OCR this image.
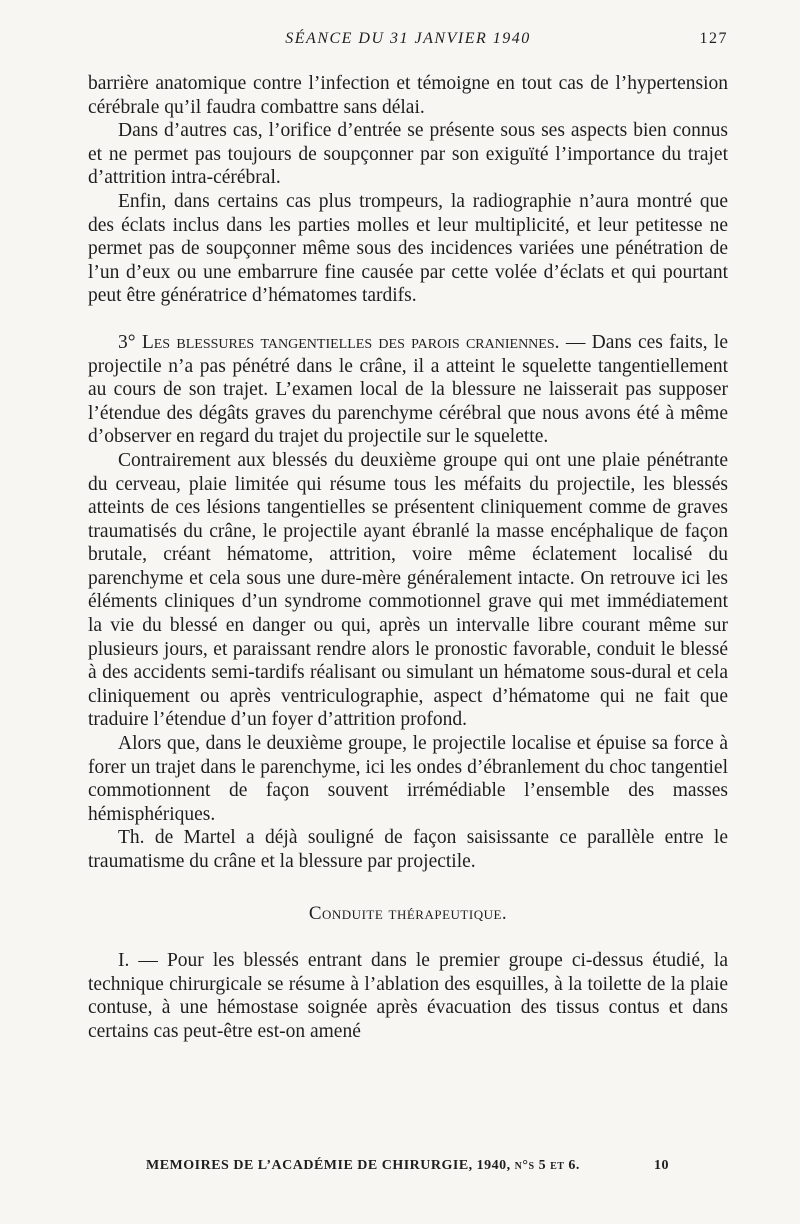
SÉANCE DU 31 JANVIER 1940	127

barrière anatomique contre l’infection et témoigne en tout cas de l’hypertension cérébrale qu’il faudra combattre sans délai.

Dans d’autres cas, l’orifice d’entrée se présente sous ses aspects bien connus et ne permet pas toujours de soupçonner par son exiguïté l’importance du trajet d’attrition intra-cérébral.

Enfin, dans certains cas plus trompeurs, la radiographie n’aura montré que des éclats inclus dans les parties molles et leur multiplicité, et leur petitesse ne permet pas de soupçonner même sous des incidences variées une pénétration de l’un d’eux ou une embarrure fine causée par cette volée d’éclats et qui pourtant peut être génératrice d’hématomes tardifs.

3° Les blessures tangentielles des parois craniennes. — Dans ces faits, le projectile n’a pas pénétré dans le crâne, il a atteint le squelette tangentiellement au cours de son trajet. L’examen local de la blessure ne laisserait pas supposer l’étendue des dégâts graves du parenchyme cérébral que nous avons été à même d’observer en regard du trajet du projectile sur le squelette.

Contrairement aux blessés du deuxième groupe qui ont une plaie pénétrante du cerveau, plaie limitée qui résume tous les méfaits du projectile, les blessés atteints de ces lésions tangentielles se présentent cliniquement comme de graves traumatisés du crâne, le projectile ayant ébranlé la masse encéphalique de façon brutale, créant hématome, attrition, voire même éclatement localisé du parenchyme et cela sous une dure-mère généralement intacte. On retrouve ici les éléments cliniques d’un syndrome commotionnel grave qui met immédiatement la vie du blessé en danger ou qui, après un intervalle libre courant même sur plusieurs jours, et paraissant rendre alors le pronostic favorable, conduit le blessé à des accidents semi-tardifs réalisant ou simulant un hématome sous-dural et cela cliniquement ou après ventriculographie, aspect d’hématome qui ne fait que traduire l’étendue d’un foyer d’attrition profond.

Alors que, dans le deuxième groupe, le projectile localise et épuise sa force à forer un trajet dans le parenchyme, ici les ondes d’ébranlement du choc tangentiel commotionnent de façon souvent irrémédiable l’ensemble des masses hémisphériques.

Th. de Martel a déjà souligné de façon saisissante ce parallèle entre le traumatisme du crâne et la blessure par projectile.

Conduite thérapeutique.

I. — Pour les blessés entrant dans le premier groupe ci-dessus étudié, la technique chirurgicale se résume à l’ablation des esquilles, à la toilette de la plaie contuse, à une hémostase soignée après évacuation des tissus contus et dans certains cas peut-être est-on amené

MEMOIRES DE L’ACADÉMIE DE CHIRURGIE, 1940, n°s 5 et 6.	10
